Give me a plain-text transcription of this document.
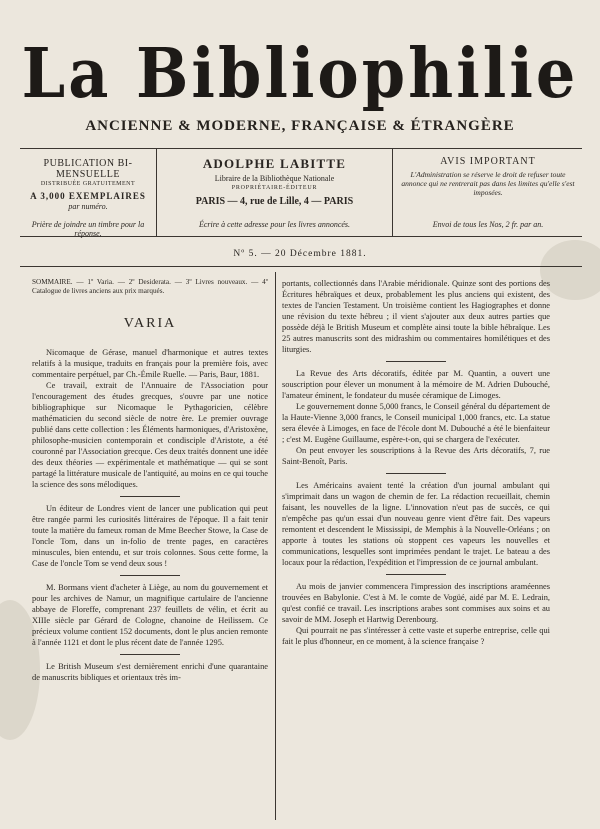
La Bibliophilie
ANCIENNE & MODERNE, FRANÇAISE & ÉTRANGÈRE
PUBLICATION BI-MENSUELLE
DISTRIBUÉE GRATUITEMENT
A 3,000 EXEMPLAIRES
par numéro.
Prière de joindre un timbre pour la réponse.
ADOLPHE LABITTE
Libraire de la Bibliothèque Nationale
PROPRIÉTAIRE-ÉDITEUR
PARIS — 4, rue de Lille, 4 — PARIS
Écrire à cette adresse pour les livres annoncés.
AVIS IMPORTANT
L'Administration se réserve le droit de refuser toute annonce qui ne rentrerait pas dans les limites qu'elle s'est imposées.
Envoi de tous les Nos, 2 fr. par an.
Nº 5. — 20 Décembre 1881.

SOMMAIRE. — 1º Varia. — 2º Desiderata. — 3º Livres nouveaux. — 4º Catalogue de livres anciens aux prix marqués.

VARIA

Nicomaque de Gérase, manuel d'harmonique et autres textes relatifs à la musique, traduits en français pour la première fois, avec commentaire perpétuel, par Ch.-Émile Ruelle. — Paris, Baur, 1881.

Ce travail, extrait de l'Annuaire de l'Association pour l'encouragement des études grecques, s'ouvre par une notice bibliographique sur Nicomaque le Pythagoricien, célèbre mathématicien du second siècle de notre ère. Le premier ouvrage publié dans cette collection : les Éléments harmoniques, d'Aristoxène, philosophe-musicien contemporain et condisciple d'Aristote, a été couronné par l'Association grecque. Ces deux traités donnent une idée des deux théories — expérimentale et mathématique — qui se sont partagé la littérature musicale de l'antiquité, au moins en ce qui touche la science des sons mélodiques.

Un éditeur de Londres vient de lancer une publication qui peut être rangée parmi les curiosités littéraires de l'époque. Il a fait tenir toute la matière du fameux roman de Mme Beecher Stowe, la Case de l'oncle Tom, dans un in-folio de trente pages, en caractères minuscules, bien entendu, et sur trois colonnes. Sous cette forme, la Case de l'oncle Tom se vend deux sous !

M. Bormans vient d'acheter à Liège, au nom du gouvernement et pour les archives de Namur, un magnifique cartulaire de l'ancienne abbaye de Floreffe, comprenant 237 feuillets de vélin, et écrit au XIIIe siècle par Gérard de Cologne, chanoine de Heilissem. Ce précieux volume contient 152 documents, dont le plus ancien remonte à l'année 1121 et dont le plus récent date de l'année 1295.

Le British Museum s'est dernièrement enrichi d'une quarantaine de manuscrits bibliques et orientaux très im-

portants, collectionnés dans l'Arabie méridionale. Quinze sont des portions des Écritures hébraïques et deux, probablement les plus anciens qui existent, des textes de l'ancien Testament. Un troisième contient les Hagiographes et donne une révision du texte hébreu ; il vient s'ajouter aux deux autres parties que possède déjà le British Museum et complète ainsi toute la bible hébraïque. Les 25 autres manuscrits sont des midrashim ou commentaires homilétiques et des liturgies.

La Revue des Arts décoratifs, éditée par M. Quantin, a ouvert une souscription pour élever un monument à la mémoire de M. Adrien Dubouché, l'amateur éminent, le fondateur du musée céramique de Limoges.

Le gouvernement donne 5,000 francs, le Conseil général du département de la Haute-Vienne 3,000 francs, le Conseil municipal 1,000 francs, etc. La statue sera élevée à Limoges, en face de l'école dont M. Dubouché a été le bienfaiteur ; c'est M. Eugène Guillaume, espère-t-on, qui se chargera de l'exécuter.

On peut envoyer les souscriptions à la Revue des Arts décoratifs, 7, rue Saint-Benoît, Paris.

Les Américains avaient tenté la création d'un journal ambulant qui s'imprimait dans un wagon de chemin de fer. La rédaction recueillait, chemin faisant, les nouvelles de la ligne. L'innovation n'eut pas de succès, ce qui n'empêche pas qu'un essai d'un nouveau genre vient d'être fait. Des vapeurs remontent et descendent le Mississipi, de Memphis à la Nouvelle-Orléans ; on apporte à toutes les stations où stoppent ces vapeurs les nouvelles et communications, lesquelles sont imprimées pendant le trajet. Le bateau a des locaux pour la rédaction, l'expédition et l'impression de ce journal ambulant.

Au mois de janvier commencera l'impression des inscriptions araméennes trouvées en Babylonie. C'est à M. le comte de Vogüé, aidé par M. E. Ledrain, qu'est confié ce travail. Les inscriptions arabes sont commises aux soins et au savoir de MM. Joseph et Hartwig Derenbourg.

Qui pourrait ne pas s'intéresser à cette vaste et superbe entreprise, celle qui fait le plus d'honneur, en ce moment, à la science française ?
